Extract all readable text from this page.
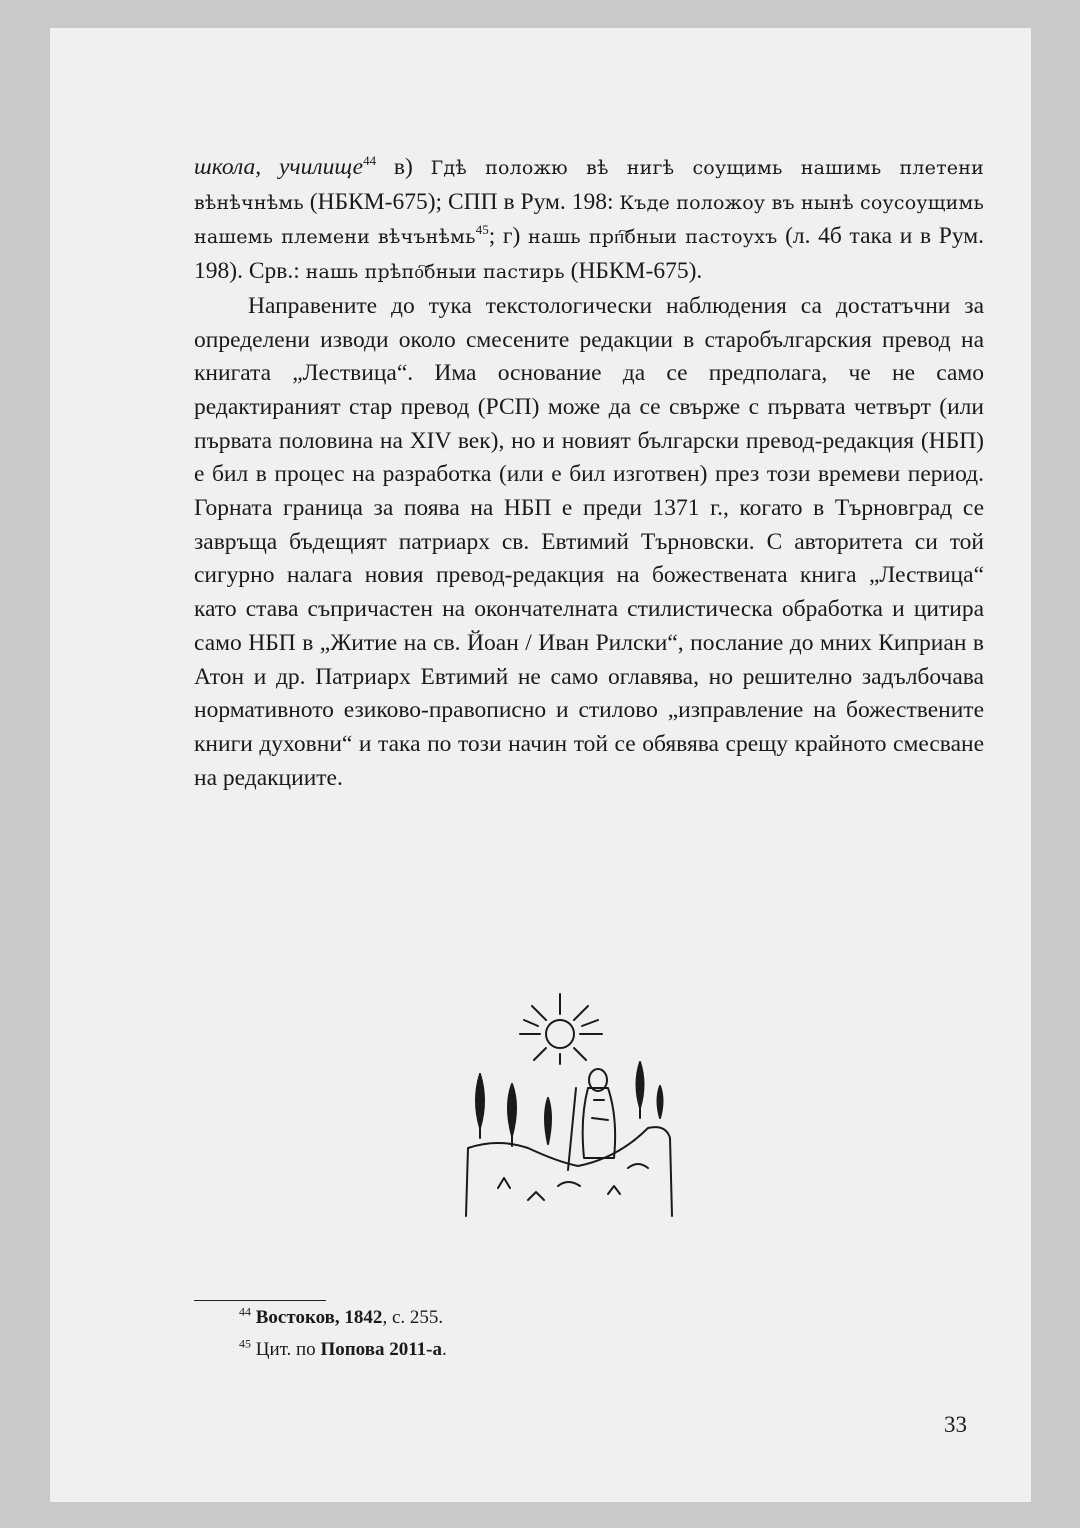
школа, училище$^{44}$ в) Гдѣ положю вѣ нигѣ соущимь нашимь плетени вѣнѣчнѣмь (НБКМ-675); СПП в Рум. 198: Къде положоу въ нынѣ соусоущимь нашемь племени вѣчънѣмь$^{45}$; г) нашь прп҇бныи пастоухъ (л. 4б така и в Рум. 198). Срв.: нашь прѣпо҇бныи пастирь (НБКМ-675).

Направените до тука текстологически наблюдения са достатъчни за определени изводи около смесените редакции в старобългарския превод на книгата „Лествица“. Има основание да се предполага, че не само редактираният стар превод (РСП) може да се свърже с първата четвърт (или първата половина на XIV век), но и новият български превод-редакция (НБП) е бил в процес на разработка (или е бил изготвен) през този времеви период. Горната граница за поява на НБП е преди 1371 г., когато в Търновград се завръща бъдещият патриарх св. Евтимий Търновски. С авторитета си той сигурно налага новия превод-редакция на божествената книга „Лествица“ като става съпричастен на окончателната стилистическа обработка и цитира само НБП в „Житие на св. Йоан / Иван Рилски“, послание до мних Киприан в Атон и др. Патриарх Евтимий не само оглавява, но решително задълбочава нормативното езиково-правописно и стилово „изправление на божествените книги духовни“ и така по този начин той се обявява срещу крайното смесване на редакциите.

$^{44}$ Востоков, 1842, с. 255.
$^{45}$ Цит. по Попова 2011-а.
33
